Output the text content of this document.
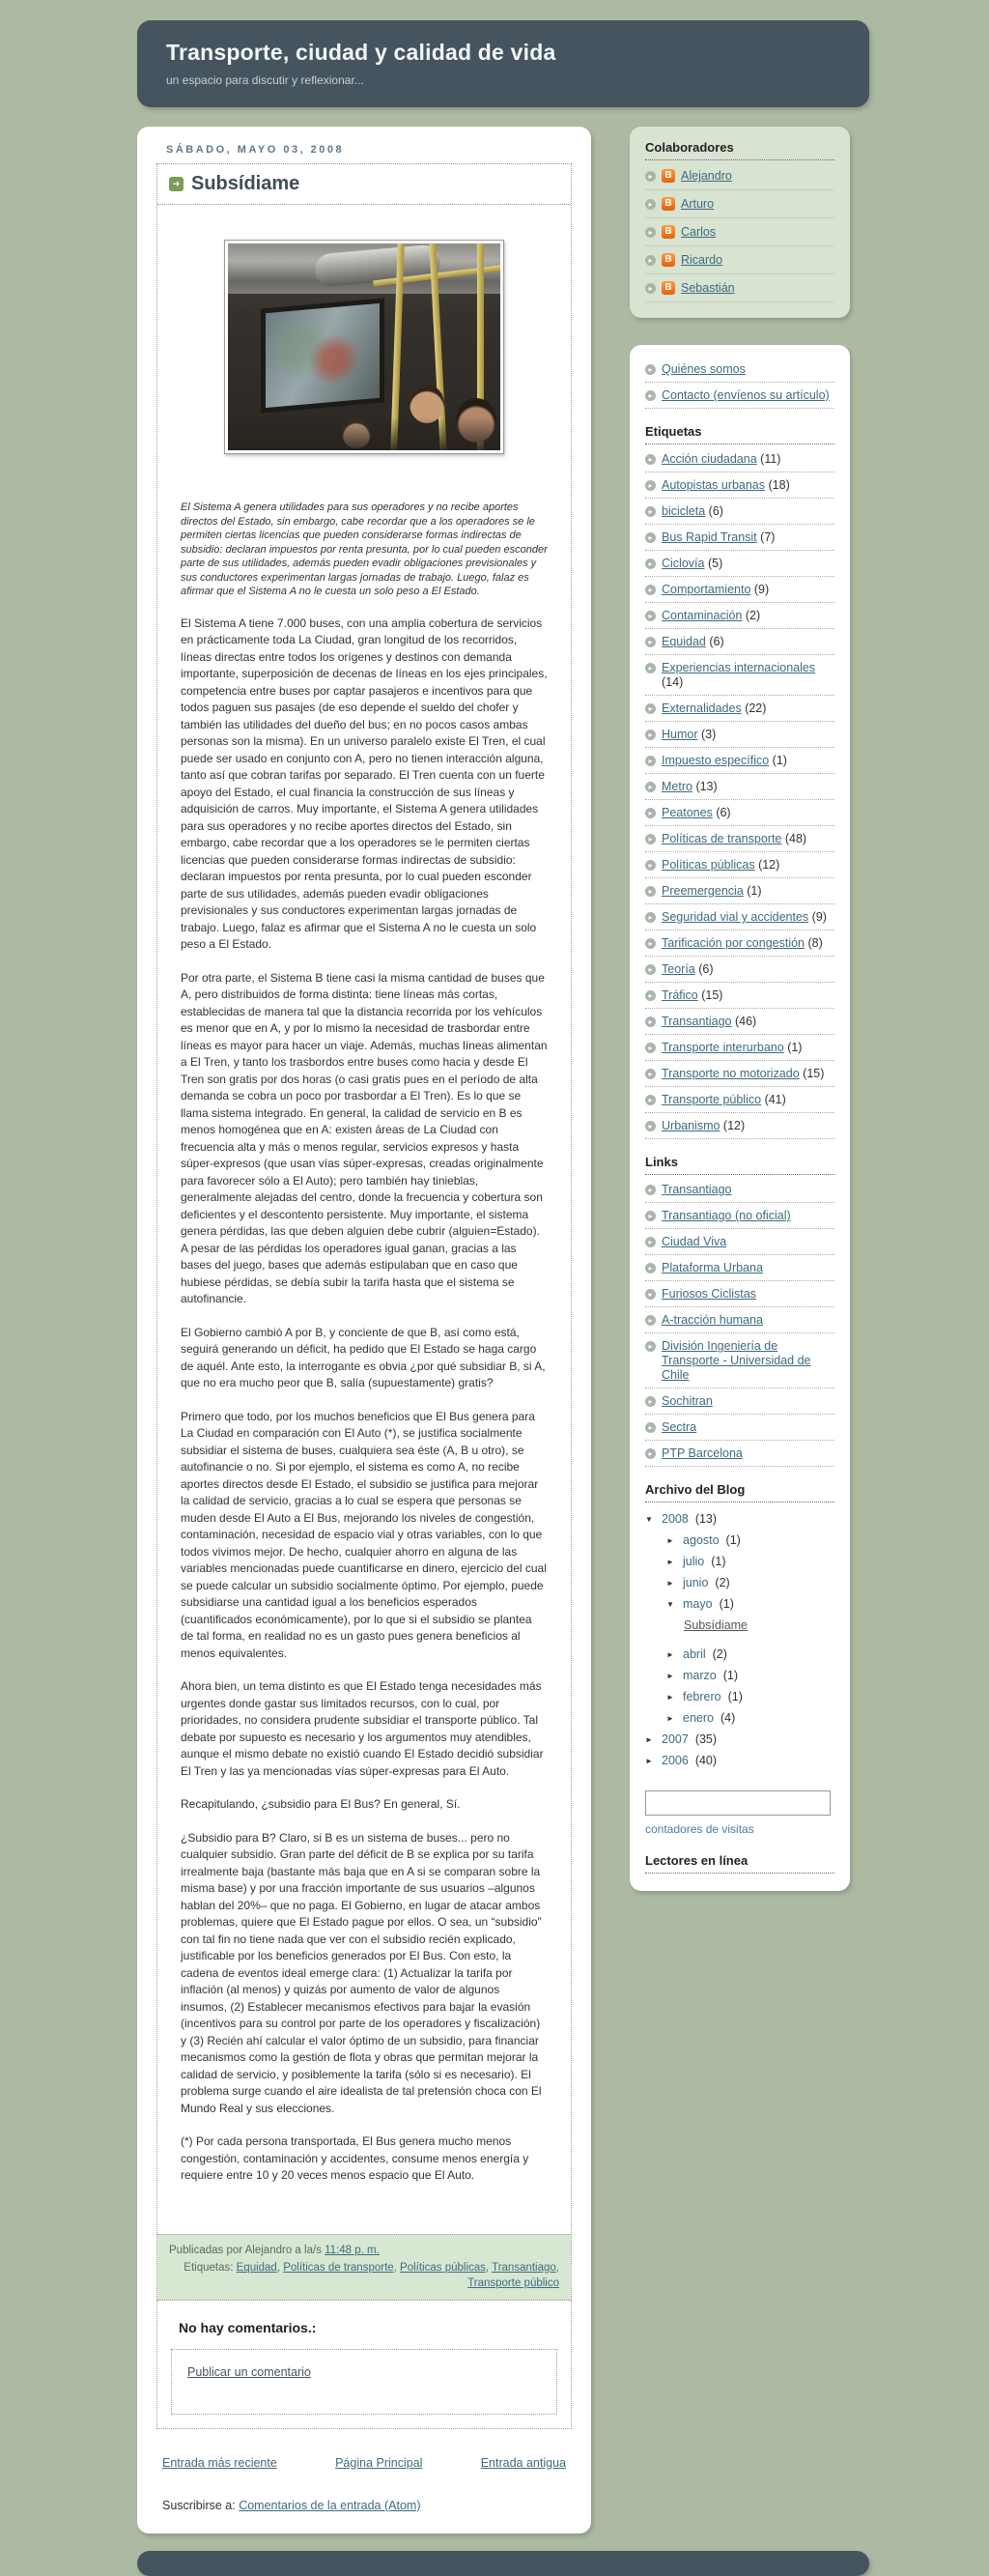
Transporte, ciudad y calidad de vida

un espacio para discutir y reflexionar...

SÁBADO, MAYO 03, 2008
➜
Subsídiame

El Sistema A genera utilidades para sus operadores y no recibe aportes directos del Estado, sin embargo, cabe recordar que a los operadores se le permiten ciertas licencias que pueden considerarse formas indirectas de subsidio: declaran impuestos por renta presunta, por lo cual pueden esconder parte de sus utilidades, además pueden evadir obligaciones previsionales y sus conductores experimentan largas jornadas de trabajo. Luego, falaz es afirmar que el Sistema A no le cuesta un solo peso a El Estado.

El Sistema A tiene 7.000 buses, con una amplia cobertura de servicios en prácticamente toda La Ciudad, gran longitud de los recorridos, líneas directas entre todos los orígenes y destinos con demanda importante, superposición de decenas de líneas en los ejes principales, competencia entre buses por captar pasajeros e incentivos para que todos paguen sus pasajes (de eso depende el sueldo del chofer y también las utilidades del dueño del bus; en no pocos casos ambas personas son la misma). En un universo paralelo existe El Tren, el cual puede ser usado en conjunto con A, pero no tienen interacción alguna, tanto así que cobran tarifas por separado. El Tren cuenta con un fuerte apoyo del Estado, el cual financia la construcción de sus líneas y adquisición de carros. Muy importante, el Sistema A genera utilidades para sus operadores y no recibe aportes directos del Estado, sin embargo, cabe recordar que a los operadores se le permiten ciertas licencias que pueden considerarse formas indirectas de subsidio: declaran impuestos por renta presunta, por lo cual pueden esconder parte de sus utilidades, además pueden evadir obligaciones previsionales y sus conductores experimentan largas jornadas de trabajo. Luego, falaz es afirmar que el Sistema A no le cuesta un solo peso a El Estado.

Por otra parte, el Sistema B tiene casi la misma cantidad de buses que A, pero distribuidos de forma distinta: tiene líneas más cortas, establecidas de manera tal que la distancia recorrida por los vehículos es menor que en A, y por lo mismo la necesidad de trasbordar entre líneas es mayor para hacer un viaje. Además, muchas líneas alimentan a El Tren, y tanto los trasbordos entre buses como hacia y desde El Tren son gratis por dos horas (o casi gratis pues en el período de alta demanda se cobra un poco por trasbordar a El Tren). Es lo que se llama sistema integrado. En general, la calidad de servicio en B es menos homogénea que en A: existen áreas de La Ciudad con frecuencia alta y más o menos regular, servicios expresos y hasta súper-expresos (que usan vías súper-expresas, creadas originalmente para favorecer sólo a El Auto); pero también hay tinieblas, generalmente alejadas del centro, donde la frecuencia y cobertura son deficientes y el descontento persistente. Muy importante, el sistema genera pérdidas, las que deben alguien debe cubrir (alguien=Estado). A pesar de las pérdidas los operadores igual ganan, gracias a las bases del juego, bases que además estipulaban que en caso que hubiese pérdidas, se debía subir la tarifa hasta que el sistema se autofinancie.

El Gobierno cambió A por B, y conciente de que B, así como está, seguirá generando un déficit, ha pedido que El Estado se haga cargo de aquél. Ante esto, la interrogante es obvia ¿por qué subsidiar B, si A, que no era mucho peor que B, salía (supuestamente) gratis?

Primero que todo, por los muchos beneficios que El Bus genera para La Ciudad en comparación con El Auto (*), se justifica socialmente subsidiar el sistema de buses, cualquiera sea éste (A, B u otro), se autofinancie o no. Si por ejemplo, el sistema es como A, no recibe aportes directos desde El Estado, el subsidio se justifica para mejorar la calidad de servicio, gracias a lo cual se espera que personas se muden desde El Auto a El Bus, mejorando los niveles de congestión, contaminación, necesidad de espacio vial y otras variables, con lo que todos vivimos mejor. De hecho, cualquier ahorro en alguna de las variables mencionadas puede cuantificarse en dinero, ejercicio del cual se puede calcular un subsidio socialmente óptimo. Por ejemplo, puede subsidiarse una cantidad igual a los beneficios esperados (cuantificados económicamente), por lo que si el subsidio se plantea de tal forma, en realidad no es un gasto pues genera beneficios al menos equivalentes.

Ahora bien, un tema distinto es que El Estado tenga necesidades más urgentes donde gastar sus limitados recursos, con lo cual, por prioridades, no considera prudente subsidiar el transporte público. Tal debate por supuesto es necesario y los argumentos muy atendibles, aunque el mismo debate no existió cuando El Estado decidió subsidiar El Tren y las ya mencionadas vías súper-expresas para El Auto.

Recapitulando, ¿subsidio para El Bus? En general, Sí.

¿Subsidio para B? Claro, si B es un sistema de buses... pero no cualquier subsidio. Gran parte del déficit de B se explica por su tarifa irrealmente baja (bastante más baja que en A si se comparan sobre la misma base) y por una fracción importante de sus usuarios –algunos hablan del 20%– que no paga. El Gobierno, en lugar de atacar ambos problemas, quiere que El Estado pague por ellos. O sea, un “subsidio” con tal fin no tiene nada que ver con el subsidio recién explicado, justificable por los beneficios generados por El Bus. Con esto, la cadena de eventos ideal emerge clara: (1) Actualizar la tarifa por inflación (al menos) y quizás por aumento de valor de algunos insumos, (2) Establecer mecanismos efectivos para bajar la evasión (incentivos para su control por parte de los operadores y fiscalización) y (3) Recién ahí calcular el valor óptimo de un subsidio, para financiar mecanismos como la gestión de flota y obras que permitan mejorar la calidad de servicio, y posiblemente la tarifa (sólo si es necesario). El problema surge cuando el aire idealista de tal pretensión choca con El Mundo Real y sus elecciones.

(*) Por cada persona transportada, El Bus genera mucho menos congestión, contaminación y accidentes, consume menos energía y requiere entre 10 y 20 veces menos espacio que El Auto.

Publicadas por Alejandro a la/s 11:48 p. m.
Etiquetas: Equidad, Políticas de transporte, Políticas públicas, Transantiago, Transporte público
No hay comentarios.:
Publicar un comentario
Entrada más reciente	Página Principal	Entrada antigua
Suscribirse a: Comentarios de la entrada (Atom)
Colaboradores
▸
B
Alejandro
▸
B
Arturo
▸
B
Carlos
▸
B
Ricardo
▸
B
Sebastián
▸
Quiénes somos
▸
Contacto (envíenos su artículo)
Etiquetas
▸
Acción ciudadana (11)
▸
Autopistas urbanas (18)
▸
bicicleta (6)
▸
Bus Rapid Transit (7)
▸
Ciclovía (5)
▸
Comportamiento (9)
▸
Contaminación (2)
▸
Equidad (6)
▸
Experiencias internacionales (14)
▸
Externalidades (22)
▸
Humor (3)
▸
Impuesto específico (1)
▸
Metro (13)
▸
Peatones (6)
▸
Políticas de transporte (48)
▸
Políticas públicas (12)
▸
Preemergencia (1)
▸
Seguridad vial y accidentes (9)
▸
Tarificación por congestión (8)
▸
Teoría (6)
▸
Tráfico (15)
▸
Transantiago (46)
▸
Transporte interurbano (1)
▸
Transporte no motorizado (15)
▸
Transporte público (41)
▸
Urbanismo (12)
Links
▸
Transantiago
▸
Transantiago (no oficial)
▸
Ciudad Viva
▸
Plataforma Urbana
▸
Furiosos Ciclistas
▸
A-tracción humana
▸
División Ingeniería de Transporte - Universidad de Chile
▸
Sochitran
▸
Sectra
▸
PTP Barcelona
Archivo del Blog
▼ 2008 (13)
► agosto (1)
► julio (1)
► junio (2)
▼ mayo (1)
Subsídiame
► abril (2)
► marzo (1)
► febrero (1)
► enero (4)
► 2007 (35)
► 2006 (40)
contadores de visitas
Lectores en línea
